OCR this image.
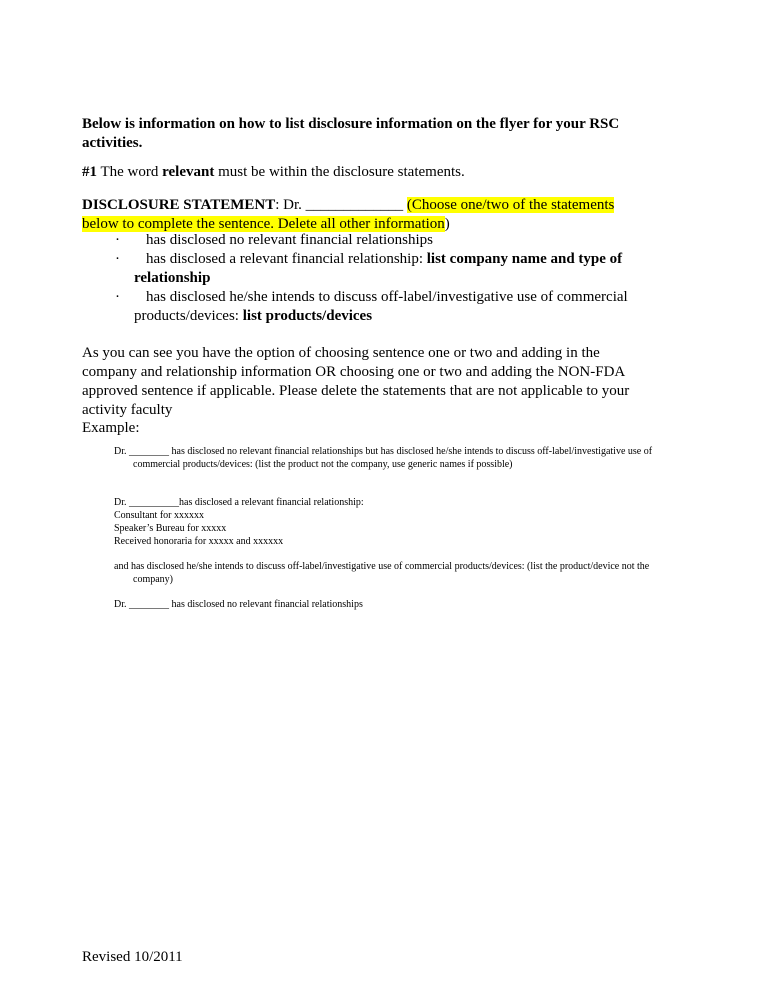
Below is information on how to list disclosure information on the flyer for your RSC activities.
#1 The word relevant must be within the disclosure statements.
DISCLOSURE STATEMENT: Dr. _____________ (Choose one/two of the statements below to complete the sentence. Delete all other information)
·	has disclosed no relevant financial relationships
·	has disclosed a relevant financial relationship: list company name and type of relationship
·	has disclosed he/she intends to discuss off-label/investigative use of commercial products/devices: list products/devices
As you can see you have the option of choosing sentence one or two and adding in the company and relationship information OR choosing one or two and adding the NON-FDA approved sentence if applicable. Please delete the statements that are not applicable to your activity faculty
Example:
Dr. ________ has disclosed no relevant financial relationships but has disclosed he/she intends to discuss off-label/investigative use of commercial products/devices: (list the product not the company, use generic names if possible)
Dr. __________has disclosed a relevant financial relationship:
Consultant for xxxxxx
Speaker’s Bureau for xxxxx
Received honoraria for xxxxx and xxxxxx
and has disclosed he/she intends to discuss off-label/investigative use of commercial products/devices: (list the product/device not the company)
Dr. ________ has disclosed no relevant financial relationships
Revised 10/2011
